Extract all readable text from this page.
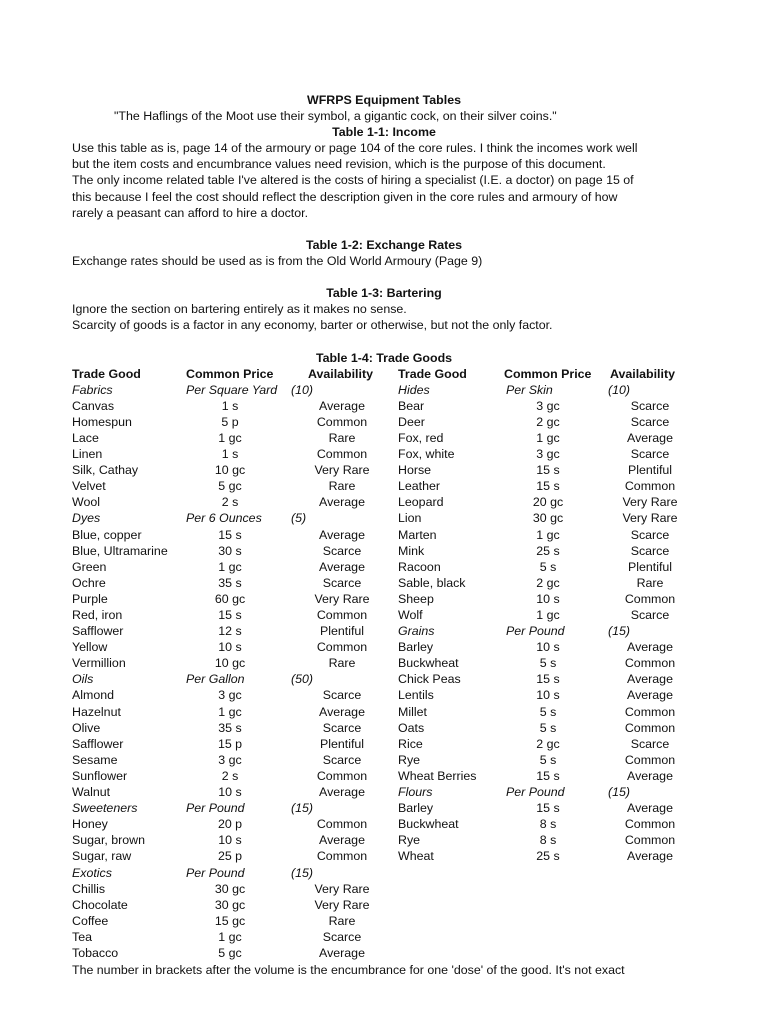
WFRPS Equipment Tables
"The Haflings of the Moot use their symbol, a gigantic cock, on their silver coins."
Table 1-1: Income
Use this table as is, page 14 of the armoury or page 104 of the core rules. I think the incomes work well
but the item costs and encumbrance values need revision, which is the purpose of this document.
The only income related table I've altered is the costs of hiring a specialist (I.E. a doctor) on page 15 of
this because I feel the cost should reflect the description given in the core rules and armoury of how
rarely a peasant can afford to hire a doctor.
Table 1-2: Exchange Rates
Exchange rates should be used as is from the Old World Armoury (Page 9)
Table 1-3: Bartering
Ignore the section on bartering entirely as it makes no sense.
Scarcity of goods is a factor in any economy, barter or otherwise, but not the only factor.
Table 1-4: Trade Goods
Trade Good	Common Price	Availability
Fabrics	Per Square Yard	(10)
Canvas	1 s	Average
Homespun	5 p	Common
Lace	1 gc	Rare
Linen	1 s	Common
Silk, Cathay	10 gc	Very Rare
Velvet	5 gc	Rare
Wool	2 s	Average
Dyes	Per 6 Ounces	(5)
Blue, copper	15 s	Average
Blue, Ultramarine	30 s	Scarce
Green	1 gc	Average
Ochre	35 s	Scarce
Purple	60 gc	Very Rare
Red, iron	15 s	Common
Safflower	12 s	Plentiful
Yellow	10 s	Common
Vermillion	10 gc	Rare
Oils	Per Gallon	(50)
Almond	3 gc	Scarce
Hazelnut	1 gc	Average
Olive	35 s	Scarce
Safflower	15 p	Plentiful
Sesame	3 gc	Scarce
Sunflower	2 s	Common
Walnut	10 s	Average
Sweeteners	Per Pound	(15)
Honey	20 p	Common
Sugar, brown	10 s	Average
Sugar, raw	25 p	Common
Exotics	Per Pound	(15)
Chillis	30 gc	Very Rare
Chocolate	30 gc	Very Rare
Coffee	15 gc	Rare
Tea	1 gc	Scarce
Tobacco	5 gc	Average
Trade Good	Common Price	Availability
Hides	Per Skin	(10)
Bear	3 gc	Scarce
Deer	2 gc	Scarce
Fox, red	1 gc	Average
Fox, white	3 gc	Scarce
Horse	15 s	Plentiful
Leather	15 s	Common
Leopard	20 gc	Very Rare
Lion	30 gc	Very Rare
Marten	1 gc	Scarce
Mink	25 s	Scarce
Racoon	5 s	Plentiful
Sable, black	2 gc	Rare
Sheep	10 s	Common
Wolf	1 gc	Scarce
Grains	Per Pound	(15)
Barley	10 s	Average
Buckwheat	5 s	Common
Chick Peas	15 s	Average
Lentils	10 s	Average
Millet	5 s	Common
Oats	5 s	Common
Rice	2 gc	Scarce
Rye	5 s	Common
Wheat Berries	15 s	Average
Flours	Per Pound	(15)
Barley	15 s	Average
Buckwheat	8 s	Common
Rye	8 s	Common
Wheat	25 s	Average
The number in brackets after the volume is the encumbrance for one 'dose' of the good. It's not exact
